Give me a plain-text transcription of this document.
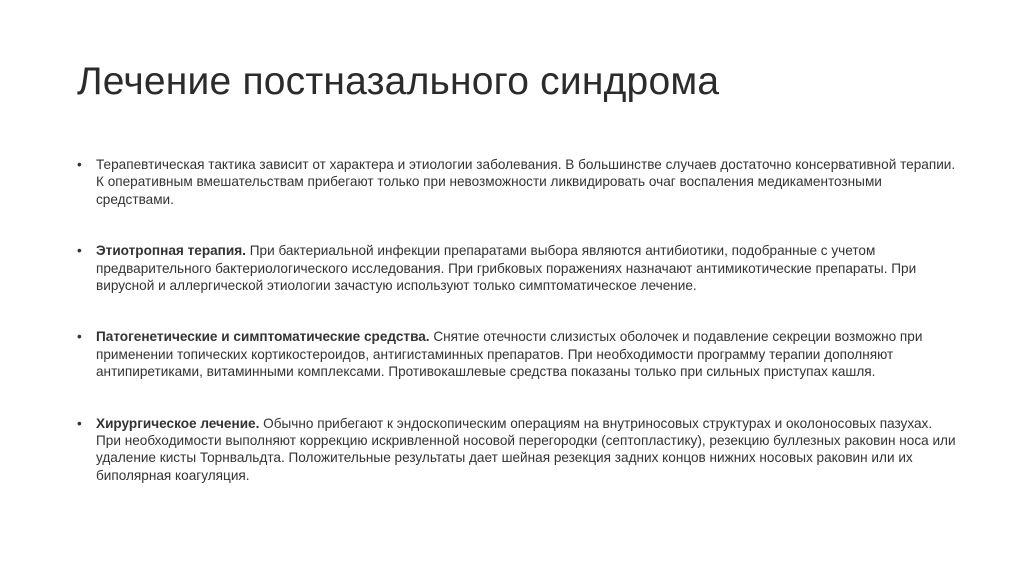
Лечение постназального синдрома
• Терапевтическая тактика зависит от характера и этиологии заболевания. В большинстве случаев достаточно консервативной терапии. К оперативным вмешательствам прибегают только при невозможности ликвидировать очаг воспаления медикаментозными средствами.
• Этиотропная терапия. При бактериальной инфекции препаратами выбора являются антибиотики, подобранные с учетом предварительного бактериологического исследования. При грибковых поражениях назначают антимикотические препараты. При вирусной и аллергической этиологии зачастую используют только симптоматическое лечение.
• Патогенетические и симптоматические средства. Снятие отечности слизистых оболочек и подавление секреции возможно при применении топических кортикостероидов, антигистаминных препаратов. При необходимости программу терапии дополняют антипиретиками, витаминными комплексами. Противокашлевые средства показаны только при сильных приступах кашля.
• Хирургическое лечение. Обычно прибегают к эндоскопическим операциям на внутриносовых структурах и околоносовых пазухах. При необходимости выполняют коррекцию искривленной носовой перегородки (септопластику), резекцию буллезных раковин носа или удаление кисты Торнвальдта. Положительные результаты дает шейная резекция задних концов нижних носовых раковин или их биполярная коагуляция.
